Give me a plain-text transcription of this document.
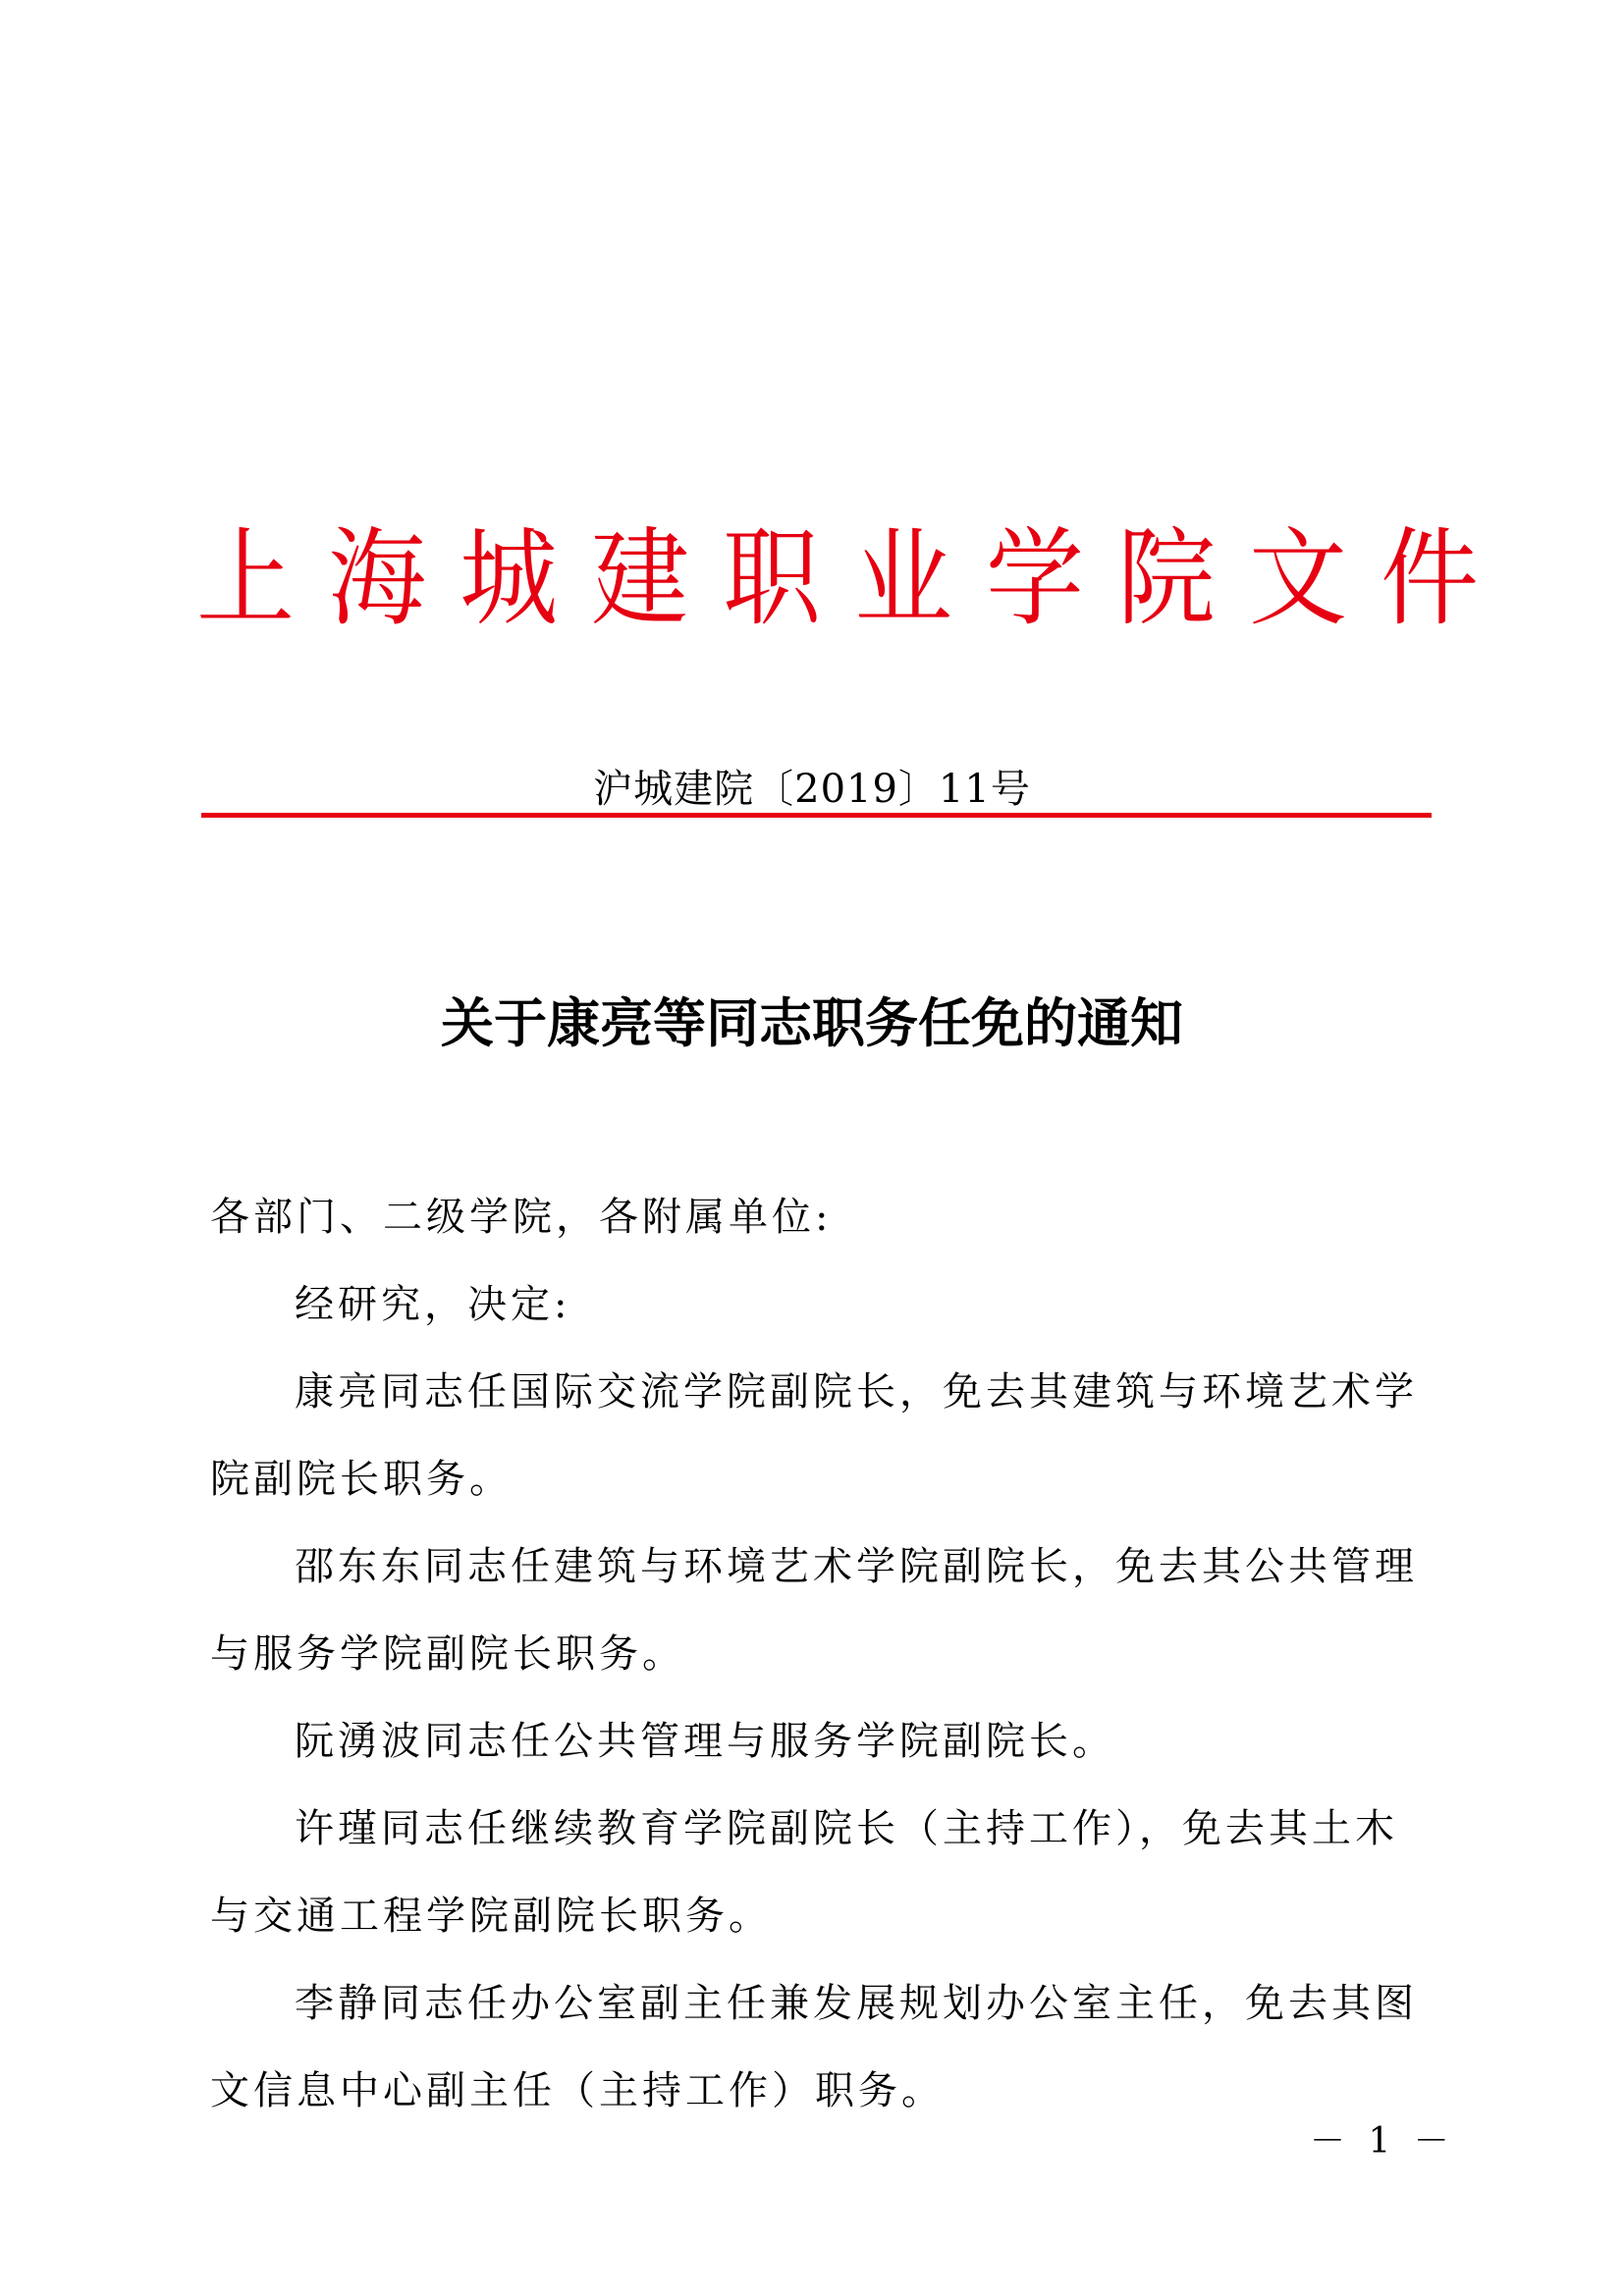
上海城建职业学院文件
沪城建院〔2019〕11号
关于康亮等同志职务任免的通知

各部门、二级学院，各附属单位:

经研究，决定:

康亮同志任国际交流学院副院长，免去其建筑与环境艺术学院副院长职务。

邵东东同志任建筑与环境艺术学院副院长，免去其公共管理与服务学院副院长职务。

阮湧波同志任公共管理与服务学院副院长。

许瑾同志任继续教育学院副院长（主持工作），免去其土木与交通工程学院副院长职务。

李静同志任办公室副主任兼发展规划办公室主任，免去其图文信息中心副主任（主持工作）职务。

－ 1 －
